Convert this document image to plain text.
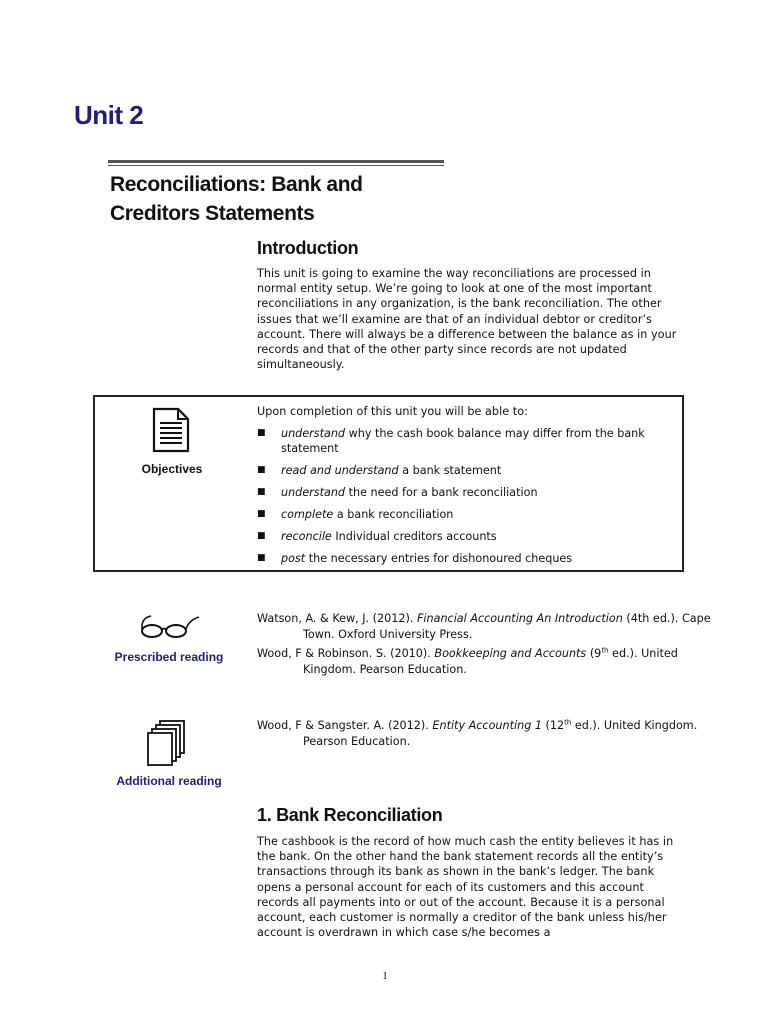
Unit 2
Reconciliations: Bank and
Creditors Statements
Introduction

This unit is going to examine the way reconciliations are processed in normal entity setup. We’re going to look at one of the most important reconciliations in any organization, is the bank reconciliation. The other issues that we’ll examine are that of an individual debtor or creditor’s account. There will always be a difference between the balance as in your records and that of the other party since records are not updated simultaneously.

Objectives

Upon completion of this unit you will be able to:

■ understand why the cash book balance may differ from the bank statement
■ read and understand a bank statement
■ understand the need for a bank reconciliation
■ complete a bank reconciliation
■ reconcile Individual creditors accounts
■ post the necessary entries for dishonoured cheques
Prescribed reading

Watson, A. & Kew, J. (2012). Financial Accounting An Introduction (4th ed.). Cape Town. Oxford University Press.

Wood, F & Robinson. S. (2010). Bookkeeping and Accounts (9th ed.). United Kingdom. Pearson Education.

Additional reading

Wood, F & Sangster. A. (2012). Entity Accounting 1 (12th ed.). United Kingdom. Pearson Education.

1. Bank Reconciliation

The cashbook is the record of how much cash the entity believes it has in the bank. On the other hand the bank statement records all the entity’s transactions through its bank as shown in the bank’s ledger. The bank opens a personal account for each of its customers and this account records all payments into or out of the account. Because it is a personal account, each customer is normally a creditor of the bank unless his/her account is overdrawn in which case s/he becomes a

1
